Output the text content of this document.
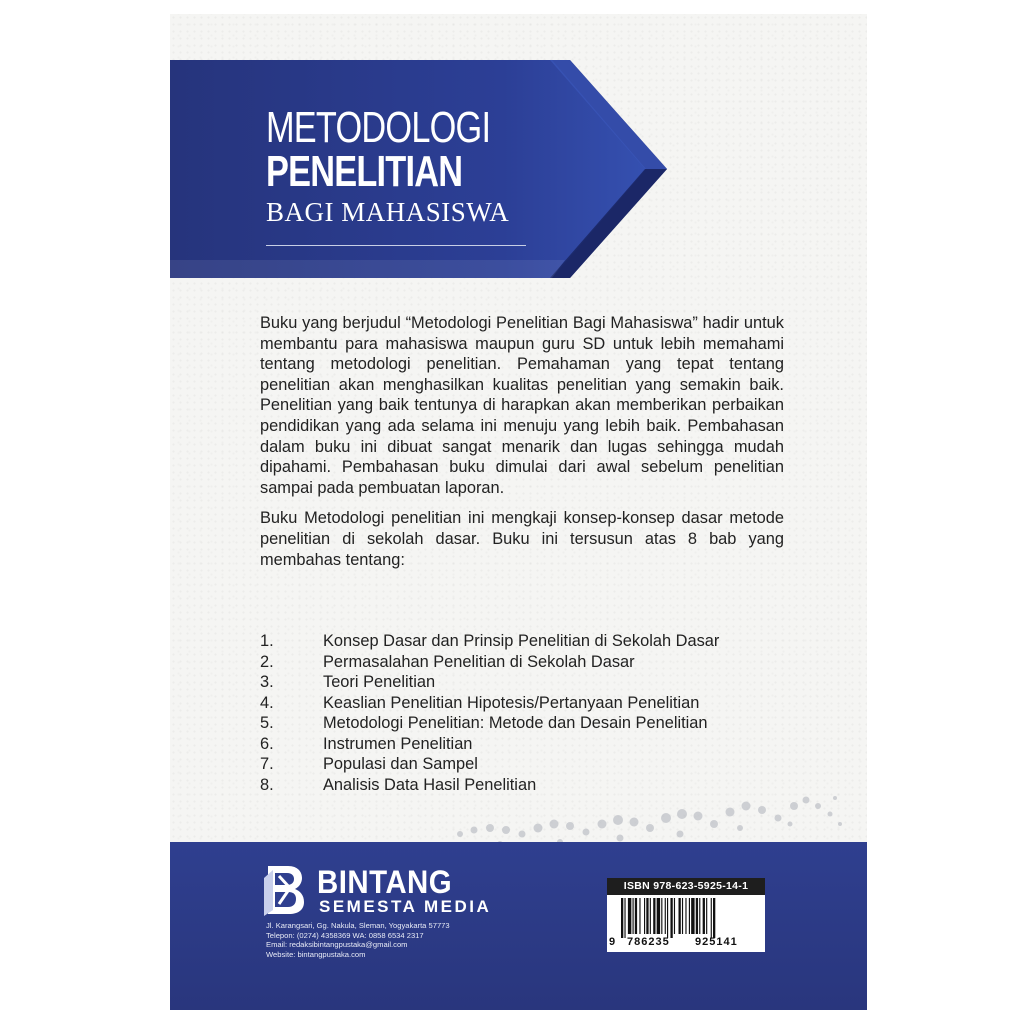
METODOLOGI
PENELITIAN
BAGI MAHASISWA

Buku yang berjudul “Metodologi Penelitian Bagi Mahasiswa” hadir untuk membantu para mahasiswa maupun guru SD untuk lebih memahami tentang metodologi penelitian. Pemahaman yang tepat tentang penelitian akan menghasilkan kualitas penelitian yang semakin baik. Penelitian yang baik tentunya di harapkan akan memberikan perbaikan pendidikan yang ada selama ini menuju yang lebih baik. Pembahasan dalam buku ini dibuat sangat menarik dan lugas sehingga mudah dipahami. Pembahasan buku dimulai dari awal sebelum penelitian sampai pada pembuatan laporan.

Buku Metodologi penelitian ini mengkaji konsep-konsep dasar metode penelitian di sekolah dasar. Buku ini tersusun atas 8 bab yang membahas tentang:

1.	Konsep Dasar dan Prinsip Penelitian di Sekolah Dasar
2.	Permasalahan Penelitian di Sekolah Dasar
3.	Teori Penelitian
4.	Keaslian Penelitian Hipotesis/Pertanyaan Penelitian
5.	Metodologi Penelitian: Metode dan Desain Penelitian
6.	Instrumen Penelitian
7.	Populasi dan Sampel
8.	Analisis Data Hasil Penelitian
BINTANG
SEMESTA MEDIA
Jl. Karangsari, Gg. Nakula, Sleman, Yogyakarta 57773
Telepon: (0274) 4358369 WA: 0858 6534 2317
Email: redaksibintangpustaka@gmail.com
Website: bintangpustaka.com
ISBN 978-623-5925-14-1
9 786235 925141
